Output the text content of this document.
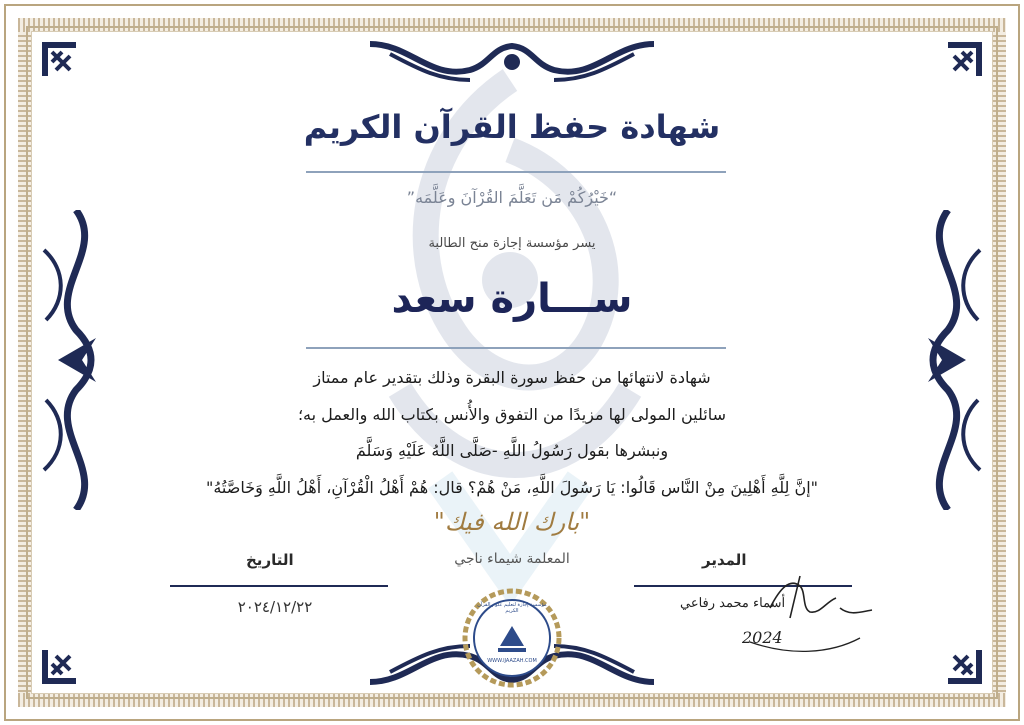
شهادة حفظ القرآن الكريم
“خَيْرُكُمْ مَن تَعَلَّمَ القُرْآنَ وعَلَّمَه”
يسر مؤسسة إجازة منح الطالبة
ســـارة سعد
شهادة لانتهائها من حفظ سورة البقرة وذلك بتقدير عام ممتاز
سائلين المولى لها مزيدًا من التفوق والأُنس بكتاب الله والعمل به؛
ونبشرها بقول رَسُولُ اللَّهِ -صَلَّى اللَّهُ عَلَيْهِ وَسَلَّمَ
"إنَّ لِلَّهِ أَهْلِينَ مِنْ النَّاس قَالُوا: يَا رَسُولَ اللَّهِ، مَنْ هُمْ؟ قال: هُمْ أَهْلُ الْقُرْآنِ، أَهْلُ اللَّهِ وَخَاصَّتُهُ"
"بارك الله فيك"
المعلمة شيماء ناجي
التاريخ
٢٠٢٤/١٢/٢٢
المدير
أسماء محمد رفاعي
2024
مؤسسة إجازة لتعليم علوم القرآن الكريم
WWW.IJAAZAH.COM
